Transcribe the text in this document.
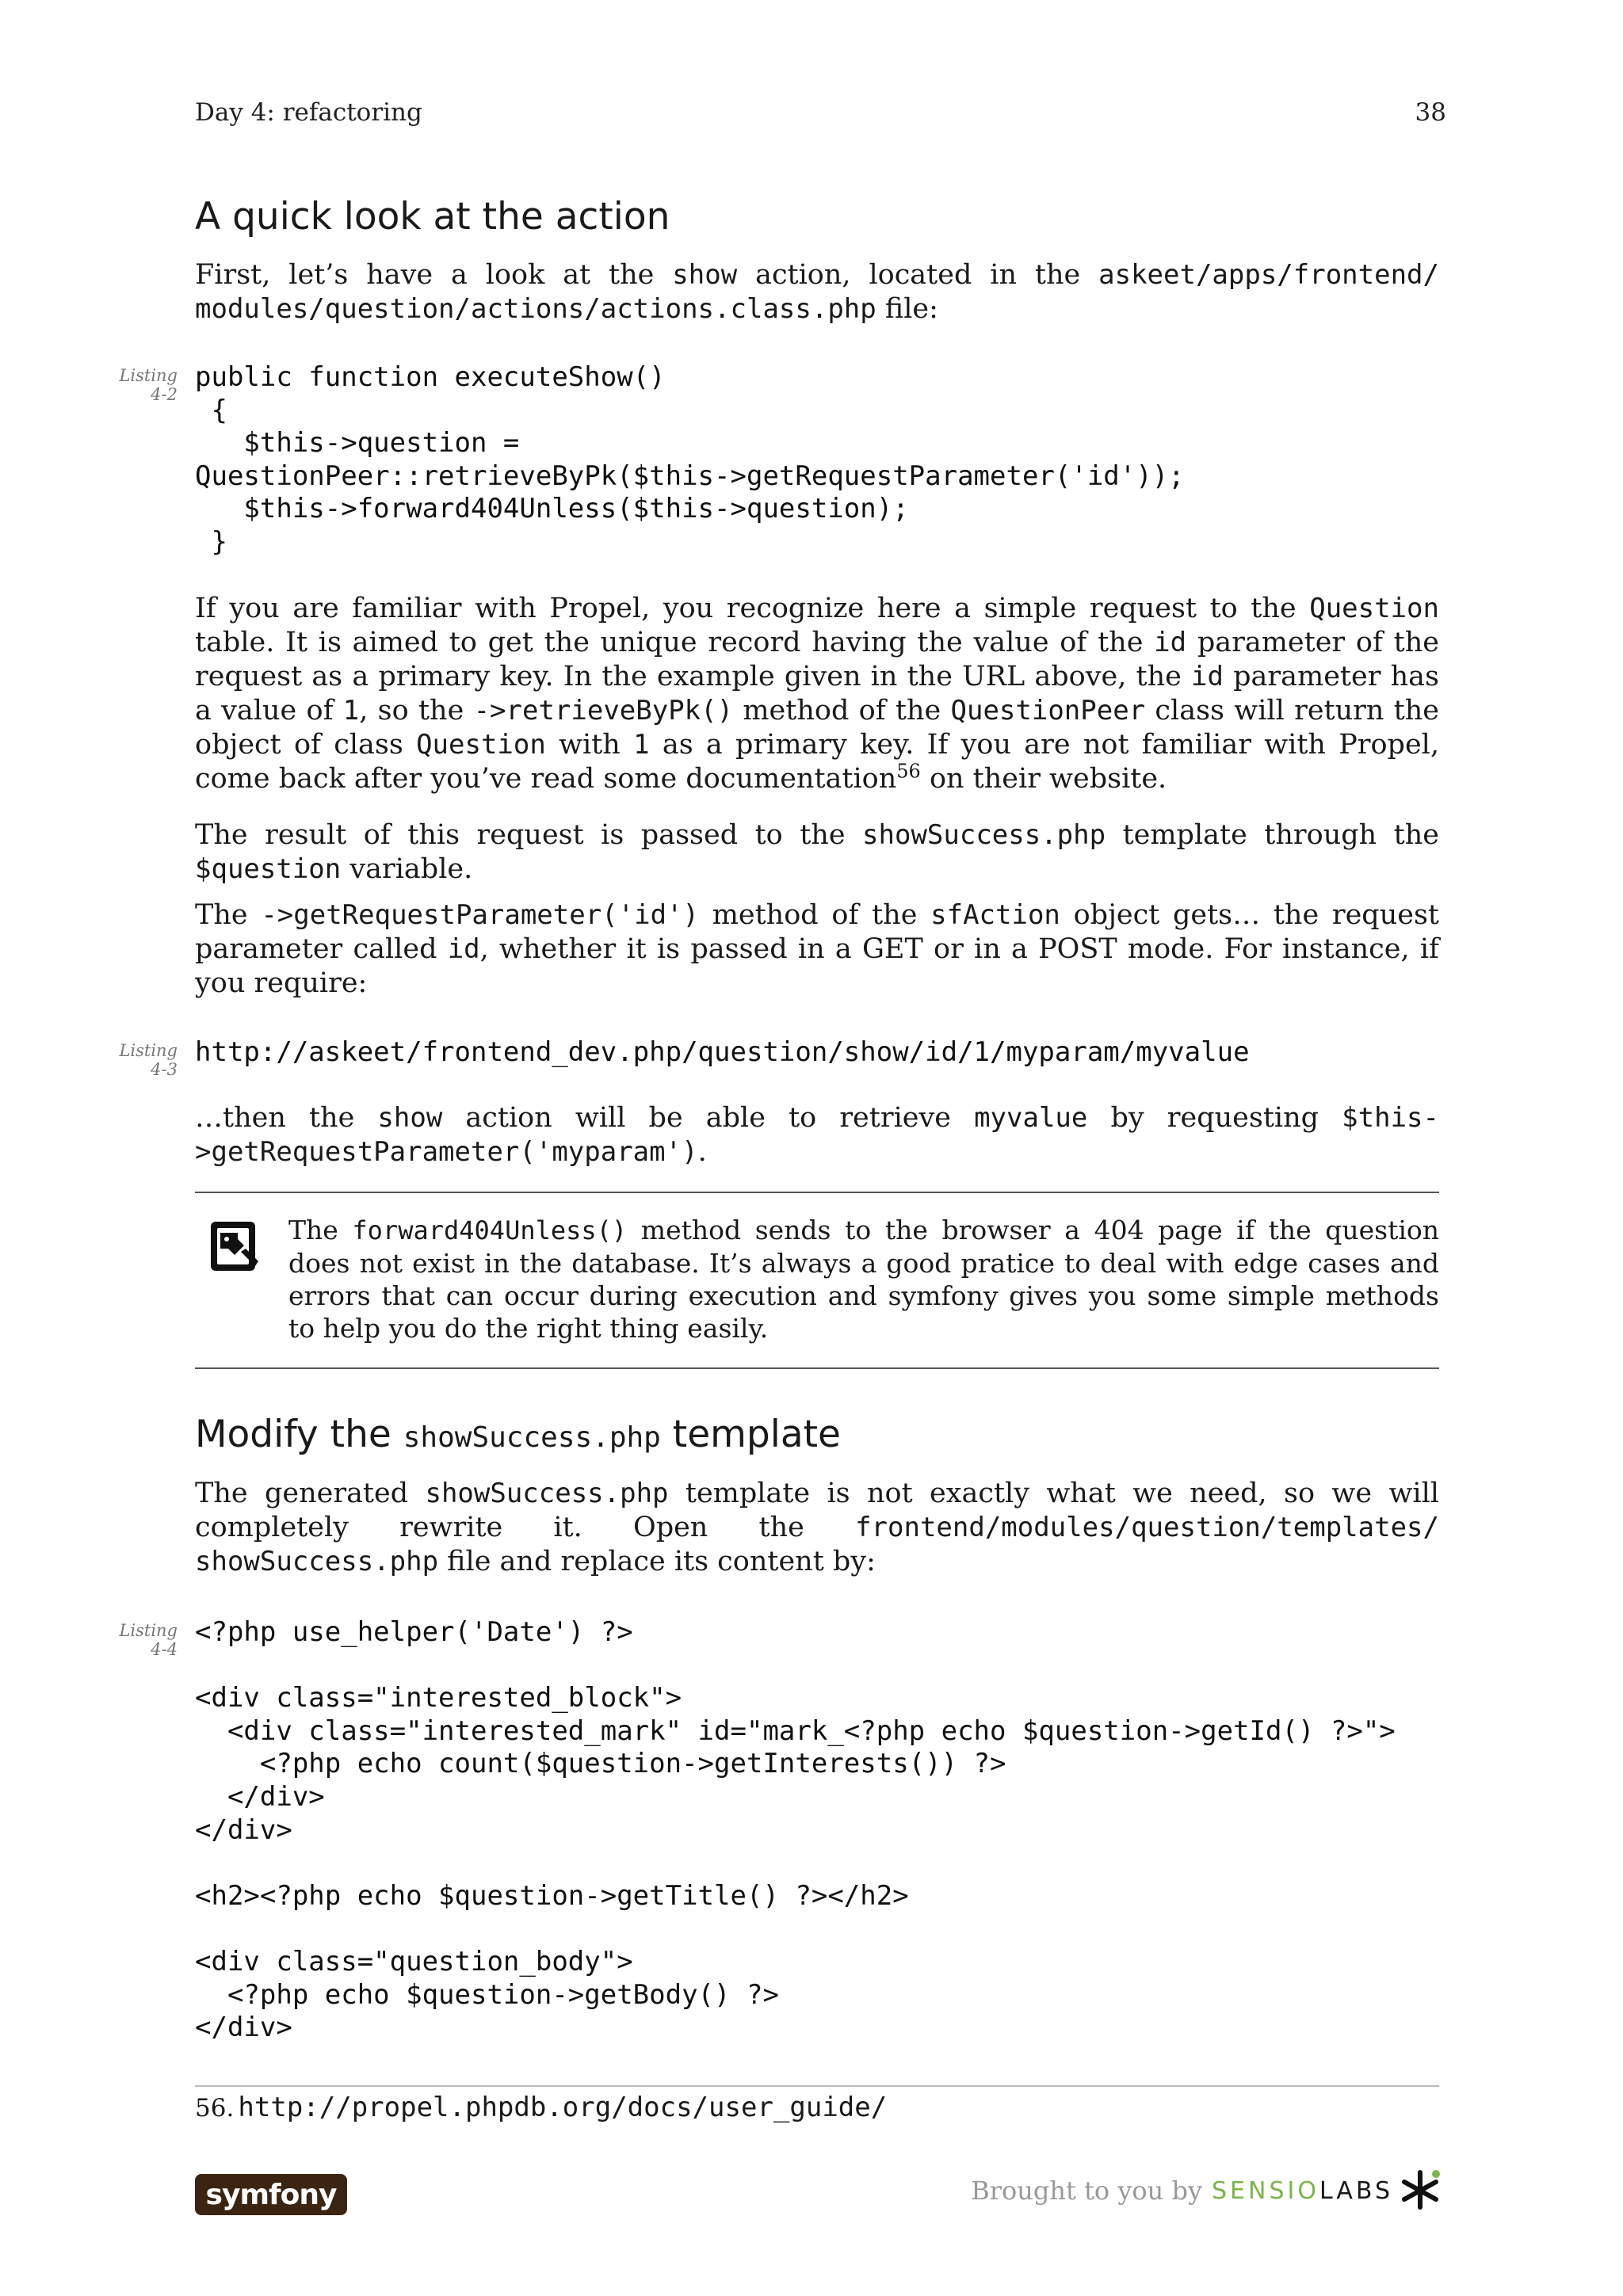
Day 4: refactoring	38
A quick look at the action

First, let’s have a look at the show action, located in the askeet/apps/frontend/ modules/question/actions/actions.class.php file:

Listing
4-2
public function executeShow()
{
$this->question =
QuestionPeer::retrieveByPk($this->getRequestParameter('id'));
$this->forward404Unless($this->question);
}

If you are familiar with Propel, you recognize here a simple request to the Question table. It is aimed to get the unique record having the value of the id parameter of the request as a primary key. In the example given in the URL above, the id parameter has a value of 1, so the ->retrieveByPk() method of the QuestionPeer class will return the object of class Question with 1 as a primary key. If you are not familiar with Propel, come back after you’ve read some documentation$^{56}$ on their website.

The result of this request is passed to the showSuccess.php template through the $question variable.

The ->getRequestParameter('id') method of the sfAction object gets… the request parameter called id, whether it is passed in a GET or in a POST mode. For instance, if you require:

Listing
4-3
http://askeet/frontend_dev.php/question/show/id/1/myparam/myvalue

…then the show action will be able to retrieve myvalue by requesting $this- >getRequestParameter('myparam').

The forward404Unless() method sends to the browser a 404 page if the question does not exist in the database. It’s always a good pratice to deal with edge cases and errors that can occur during execution and symfony gives you some simple methods to help you do the right thing easily.

Modify the showSuccess.php template

The generated showSuccess.php template is not exactly what we need, so we will completely rewrite it. Open the frontend/modules/question/templates/ showSuccess.php file and replace its content by:

Listing
4-4
<?php use_helper('Date') ?>

<div class="interested_block">
<div class="interested_mark" id="mark_<?php echo $question->getId() ?>">
<?php echo count($question->getInterests()) ?>
</div>
</div>

<h2><?php echo $question->getTitle() ?></h2>

<div class="question_body">
<?php echo $question->getBody() ?>
</div>
56. http://propel.phpdb.org/docs/user_guide/
symfony	Brought to you by SENSIO LABS
